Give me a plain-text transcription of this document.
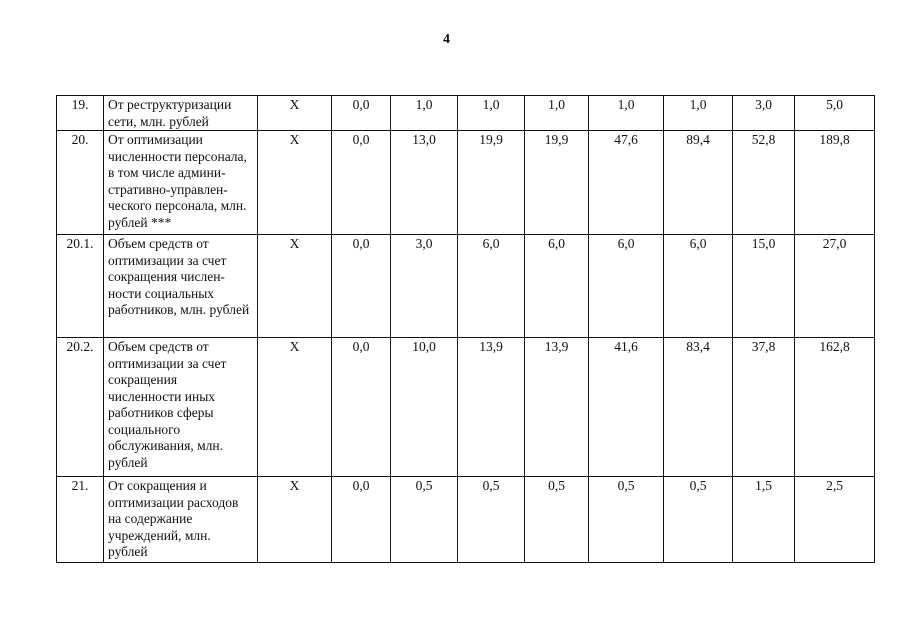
4
19.	От реструктуризации сети, млн. рублей	X	0,0	1,0	1,0	1,0	1,0	1,0	3,0	5,0
20.	От оптимизации численности персонала, в том числе админи-стративно-управлен-ческого персонала, млн. рублей ***	X	0,0	13,0	19,9	19,9	47,6	89,4	52,8	189,8
20.1.	Объем средств от оптимизации за счет сокращения числен-ности социальных работников, млн. рублей	X	0,0	3,0	6,0	6,0	6,0	6,0	15,0	27,0
20.2.	Объем средств от оптимизации за счет сокращения численности иных работников сферы социального обслуживания, млн. рублей	X	0,0	10,0	13,9	13,9	41,6	83,4	37,8	162,8
21.	От сокращения и оптимизации расходов на содержание учреждений, млн. рублей	X	0,0	0,5	0,5	0,5	0,5	0,5	1,5	2,5
